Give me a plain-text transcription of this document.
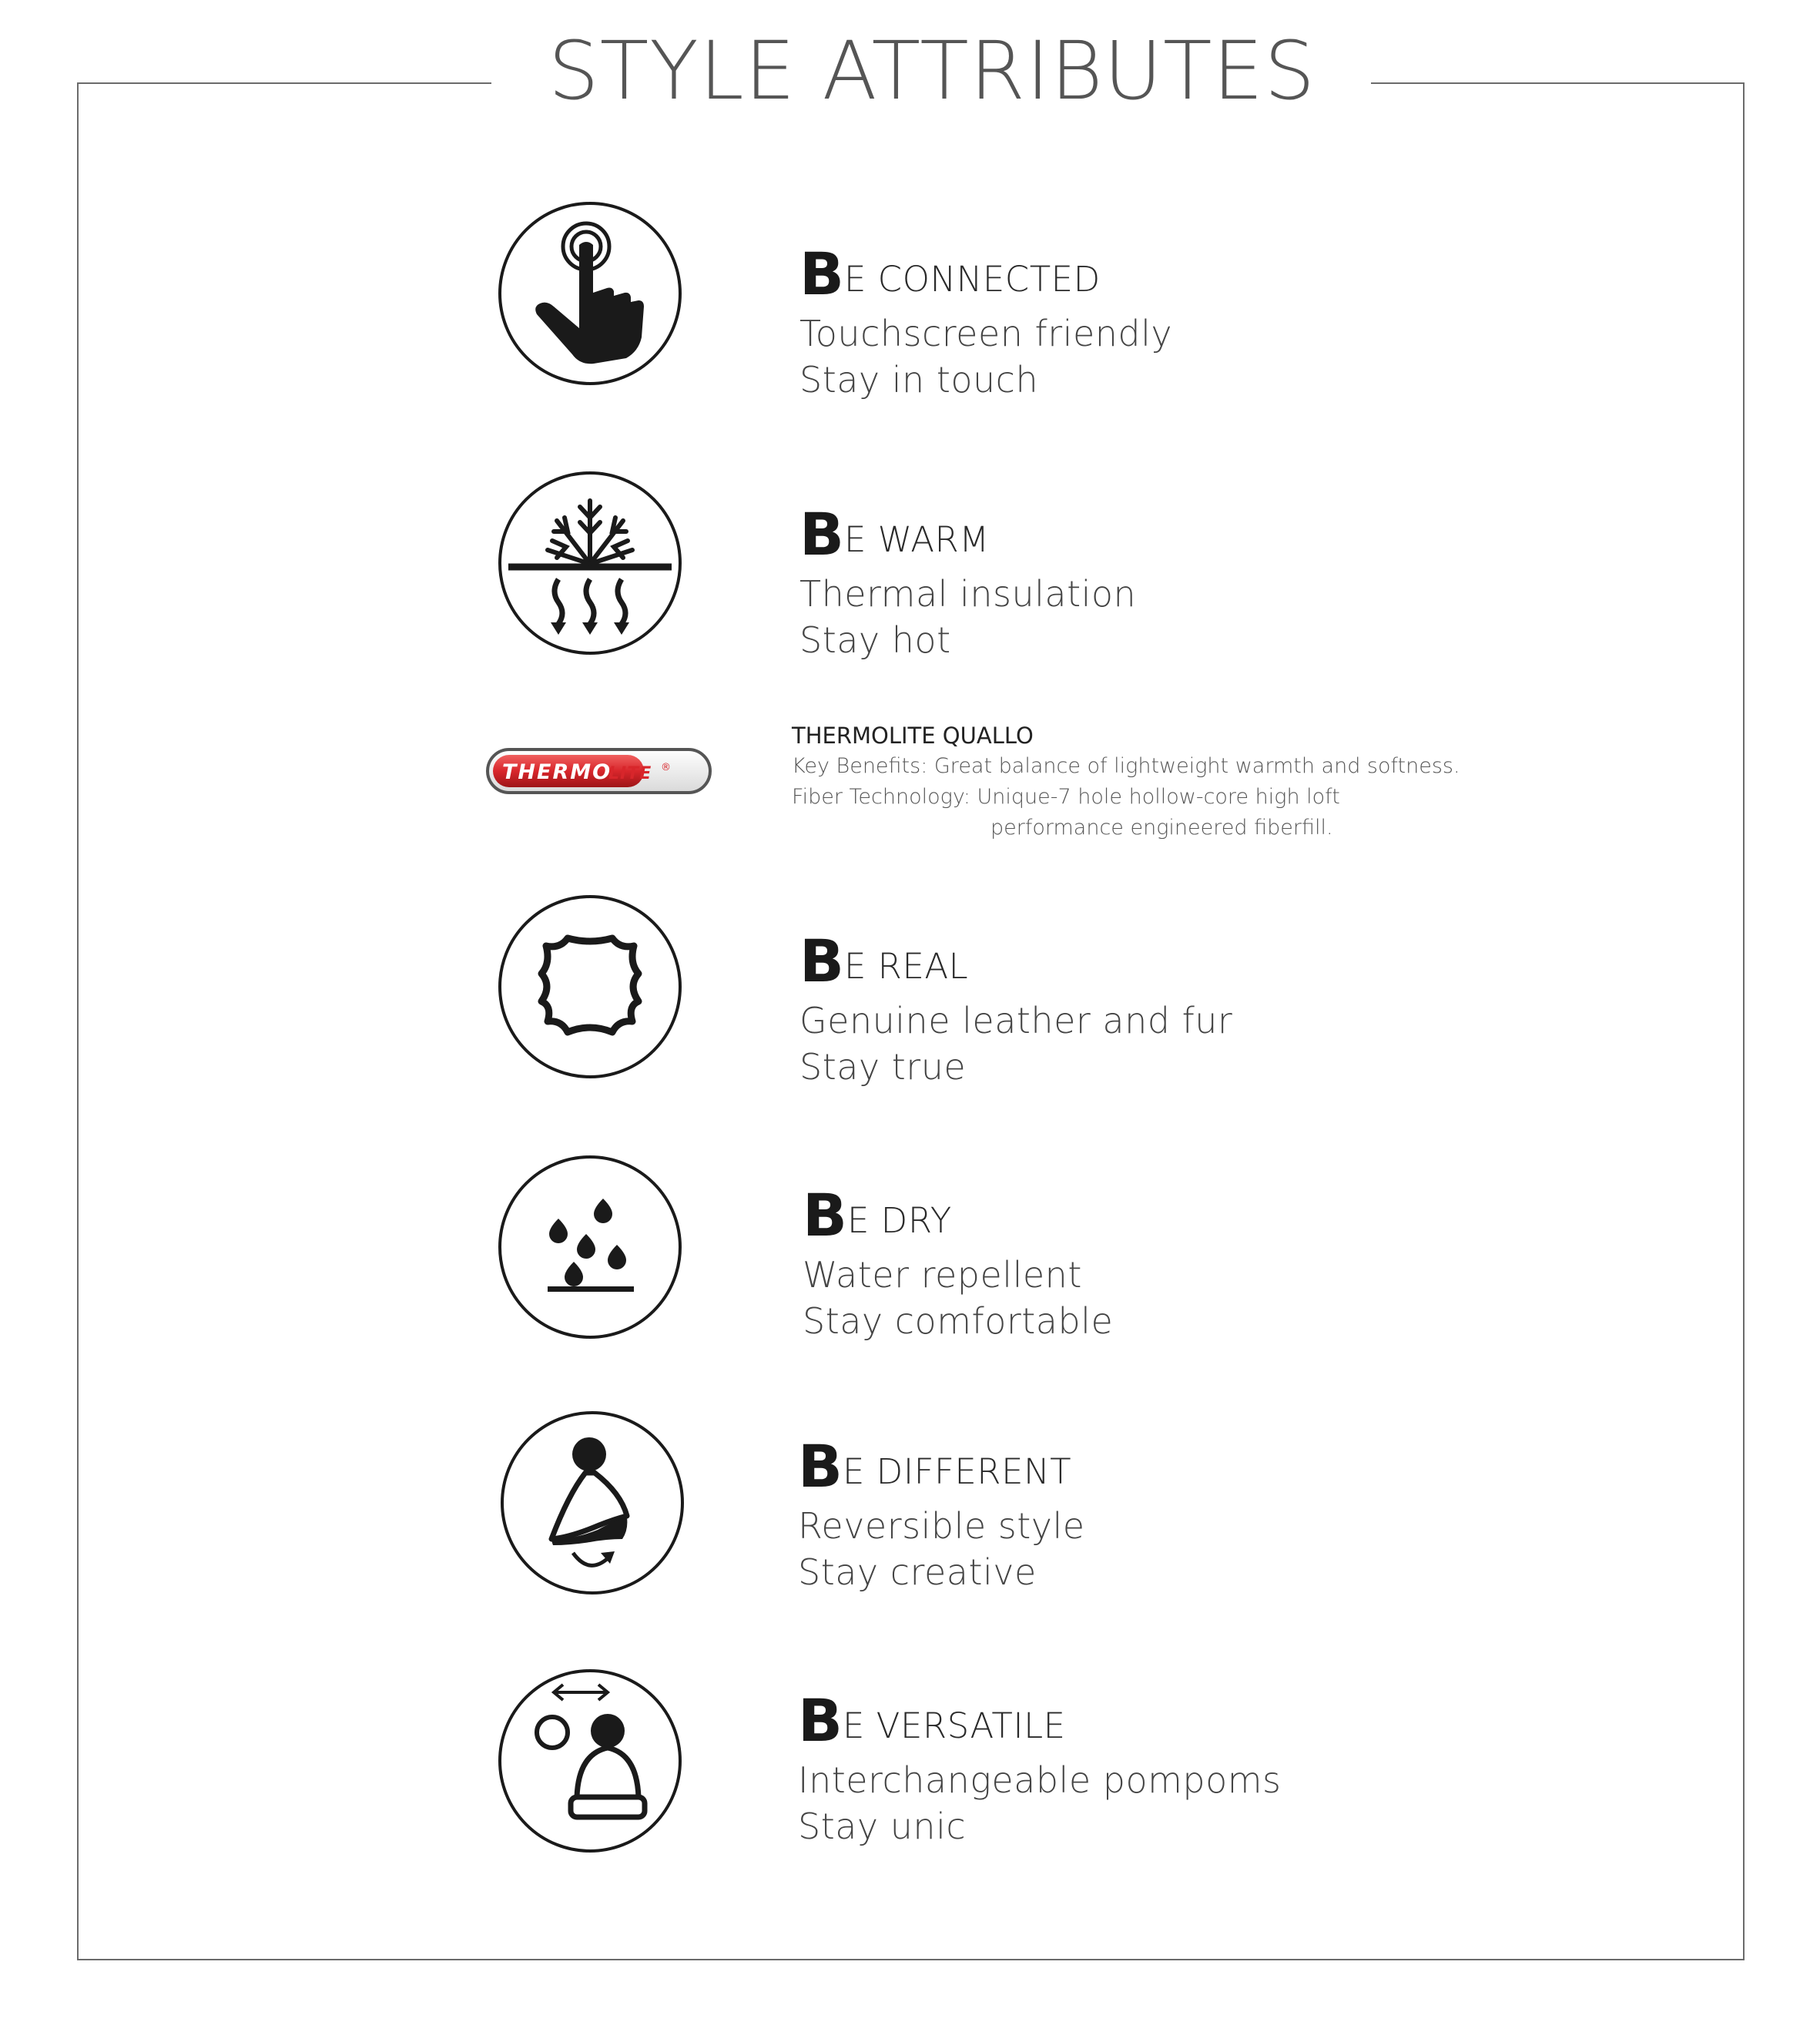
STYLE ATTRIBUTES
BE CONNECTED
Touchscreen friendly
Stay in touch
BE WARM
Thermal insulation
Stay hot
THERMO
LITE ®
THERMOLITE QUALLO
Key Benefits: Great balance of lightweight warmth and softness.
Fiber Technology: Unique-7 hole hollow-core high loft
performance engineered fiberfill.
BE REAL
Genuine leather and fur
Stay true
BE DRY
Water repellent
Stay comfortable
BE DIFFERENT
Reversible style
Stay creative
BE VERSATILE
Interchangeable pompoms
Stay unic
